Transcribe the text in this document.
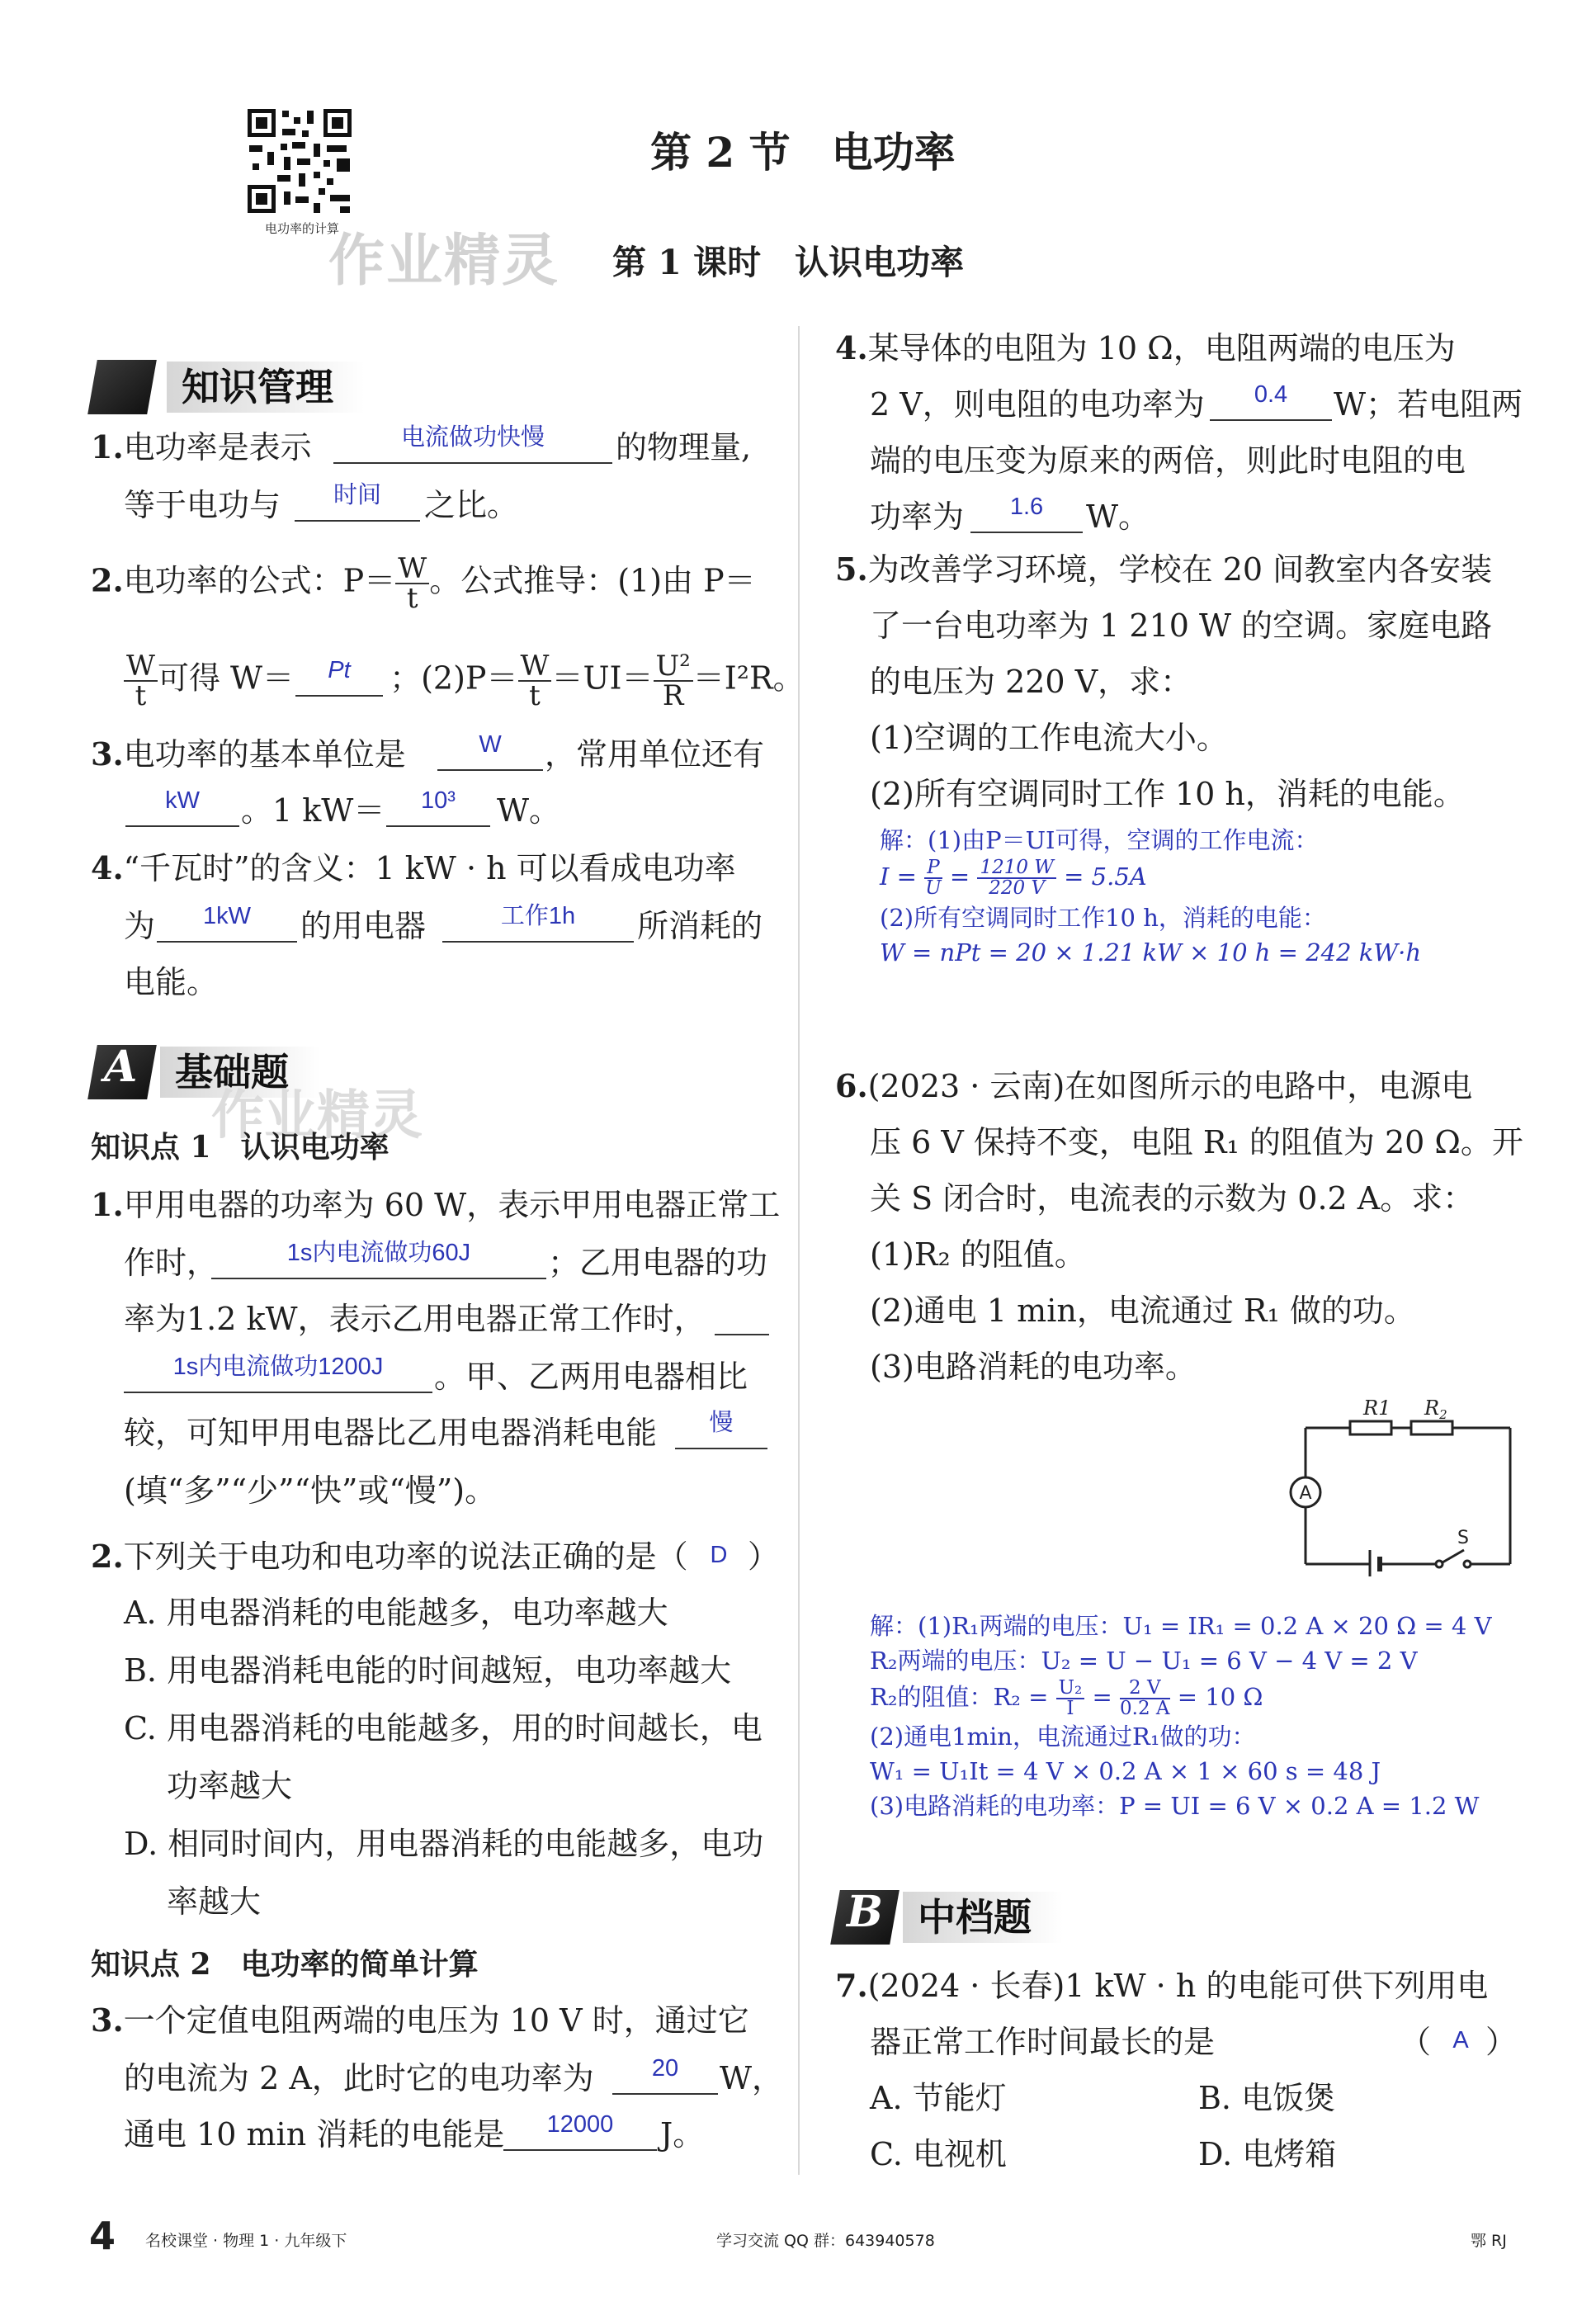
电功率的计算
作业精灵
第 2 节　电功率
第 1 课时　认识电功率
知识管理
1.电功率是表示	电流做功快慢	的物理量,
等于电功与	时间	之比。
2.电功率的公式：$P= \frac{W}{t}$ 。公式推导：(1)由 P＝
$\frac{W}{t}$ 可得 W＝	；$(2)P= \frac{W}{t} =UI= \frac{\text{U²}}{R} =I^2R$。
Pt
3.电功率的基本单位是	W	，常用单位还有
kW	。1 kW＝	10³	W。
4.“千瓦时”的含义：1 kW · h 可以看成电功率
为	1kW	的用电器	工作1h	所消耗的
电能。
A 基础题
作业精灵
知识点 1　认识电功率
1.甲用电器的功率为 60 W，表示甲用电器正常工
作时，	1s内电流做功60J	；乙用电器的功
率为1.2 kW，表示乙用电器正常工作时，
1s内电流做功1200J	。甲、乙两用电器相比
较，可知甲用电器比乙用电器消耗电能	慢
(填“多”“少”“快”或“慢”)。
2.下列关于电功和电功率的说法正确的是（ D ）
A. 用电器消耗的电能越多，电功率越大
B. 用电器消耗电能的时间越短，电功率越大
C. 用电器消耗的电能越多，用的时间越长，电
功率越大
D. 相同时间内，用电器消耗的电能越多，电功
率越大
知识点 2　电功率的简单计算
3.一个定值电阻两端的电压为 10 V 时，通过它
的电流为 2 A，此时它的电功率为	20	W，
通电 10 min 消耗的电能是	12000	J。
4.某导体的电阻为 10 Ω，电阻两端的电压为
2 V，则电阻的电功率为	0.4	W；若电阻两
端的电压变为原来的两倍，则此时电阻的电
功率为	1.6	W。
5.为改善学习环境，学校在 20 间教室内各安装
了一台电功率为 1 210 W 的空调。家庭电路
的电压为 220 V，求：
(1)空调的工作电流大小。
(2)所有空调同时工作 10 h，消耗的电能。
解：(1)由P＝UI可得，空调的工作电流：
$I = \frac{P}{U} = \frac{1210 W}{220 V} = 5.5A$
(2)所有空调同时工作10 h，消耗的电能：
W = nPt = 20 × 1.21 kW × 10 h = 242 kW·h
6.(2023 · 云南)在如图所示的电路中，电源电
压 6 V 保持不变，电阻 R₁ 的阻值为 20 Ω。开
关 S 闭合时，电流表的示数为 0.2 A。求：
(1)R₂ 的阻值。
(2)通电 1 min，电流通过 R₁ 做的功。
(3)电路消耗的电功率。
A
R1 $R_2$
S
解：(1)R₁两端的电压：U₁ = IR₁ = 0.2 A × 20 Ω = 4 V
R₂两端的电压：U₂ = U − U₁ = 6 V − 4 V = 2 V
R₂的阻值：$R_2 = \frac{\text{U₂}}{I} = \frac{2 V}{0.2 A} = 10$ Ω
(2)通电1min，电流通过R₁做的功：
W₁ = U₁It = 4 V × 0.2 A × 1 × 60 s = 48 J
(3)电路消耗的电功率：P = UI = 6 V × 0.2 A = 1.2 W
B 中档题
7.(2024 · 长春)1 kW · h 的电能可供下列用电
器正常工作时间最长的是	（ A ）
A. 节能灯	B. 电饭煲
C. 电视机	D. 电烤箱
4 名校课堂 · 物理 1 · 九年级下	学习交流 QQ 群：643940578	鄂 RJ
